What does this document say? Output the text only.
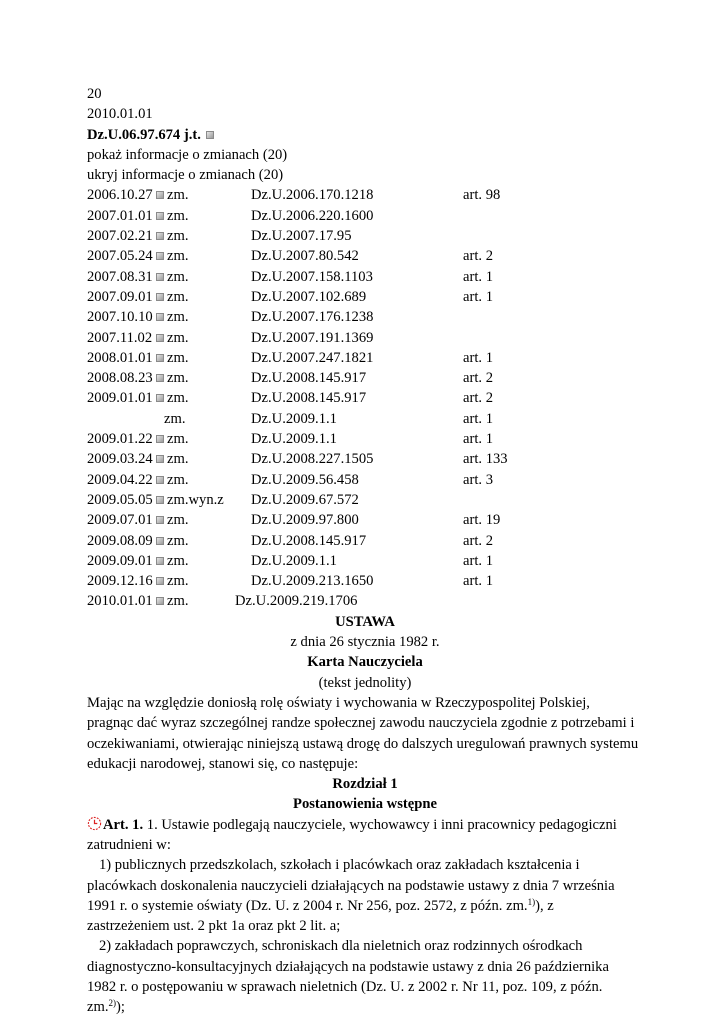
20
2010.01.01
Dz.U.06.97.674 j.t.
pokaż informacje o zmianach (20)
ukryj informacje o zmianach (20)
2006.10.27 zm.	Dz.U.2006.170.1218	art. 98
2007.01.01 zm.	Dz.U.2006.220.1600
2007.02.21 zm.	Dz.U.2007.17.95
2007.05.24 zm.	Dz.U.2007.80.542	art. 2
2007.08.31 zm.	Dz.U.2007.158.1103	art. 1
2007.09.01 zm.	Dz.U.2007.102.689	art. 1
2007.10.10 zm.	Dz.U.2007.176.1238
2007.11.02	zm.	Dz.U.2007.191.1369
2008.01.01 zm.	Dz.U.2007.247.1821	art. 1
2008.08.23 zm.	Dz.U.2008.145.917	art. 2
2009.01.01 zm.	Dz.U.2008.145.917	art. 2
zm.	Dz.U.2009.1.1	art. 1
2009.01.22 zm.	Dz.U.2009.1.1	art. 1
2009.03.24 zm.	Dz.U.2008.227.1505	art. 133
2009.04.22 zm.	Dz.U.2009.56.458	art. 3
2009.05.05 zm.wyn.z Dz.U.2009.67.572
2009.07.01 zm.	Dz.U.2009.97.800	art. 19
2009.08.09 zm.	Dz.U.2008.145.917	art. 2
2009.09.01 zm.	Dz.U.2009.1.1	art. 1
2009.12.16 zm.	Dz.U.2009.213.1650	art. 1
2010.01.01 zm.	Dz.U.2009.219.1706
USTAWA
z dnia 26 stycznia 1982 r.
Karta Nauczyciela
(tekst jednolity)
Mając na względzie doniosłą rolę oświaty i wychowania w Rzeczypospolitej Polskiej,
pragnąc dać wyraz szczególnej randze społecznej zawodu nauczyciela zgodnie z potrzebami i
oczekiwaniami, otwierając niniejszą ustawą drogę do dalszych uregulowań prawnych systemu
edukacji narodowej, stanowi się, co następuje:
Rozdział 1
Postanowienia wstępne
Art. 1. 1. Ustawie podlegają nauczyciele, wychowawcy i inni pracownicy pedagogiczni
zatrudnieni w:
1) publicznych przedszkolach, szkołach i placówkach oraz zakładach kształcenia i
placówkach doskonalenia nauczycieli działających na podstawie ustawy z dnia 7 września
1991 r. o systemie oświaty (Dz. U. z 2004 r. Nr 256, poz. 2572, z późn. zm.$^{1)}$), z
zastrzeżeniem ust. 2 pkt 1a oraz pkt 2 lit. a;
2) zakładach poprawczych, schroniskach dla nieletnich oraz rodzinnych ośrodkach
diagnostyczno-konsultacyjnych działających na podstawie ustawy z dnia 26 października
1982 r. o postępowaniu w sprawach nieletnich (Dz. U. z 2002 r. Nr 11, poz. 109, z późn.
zm.$^{2)}$);
